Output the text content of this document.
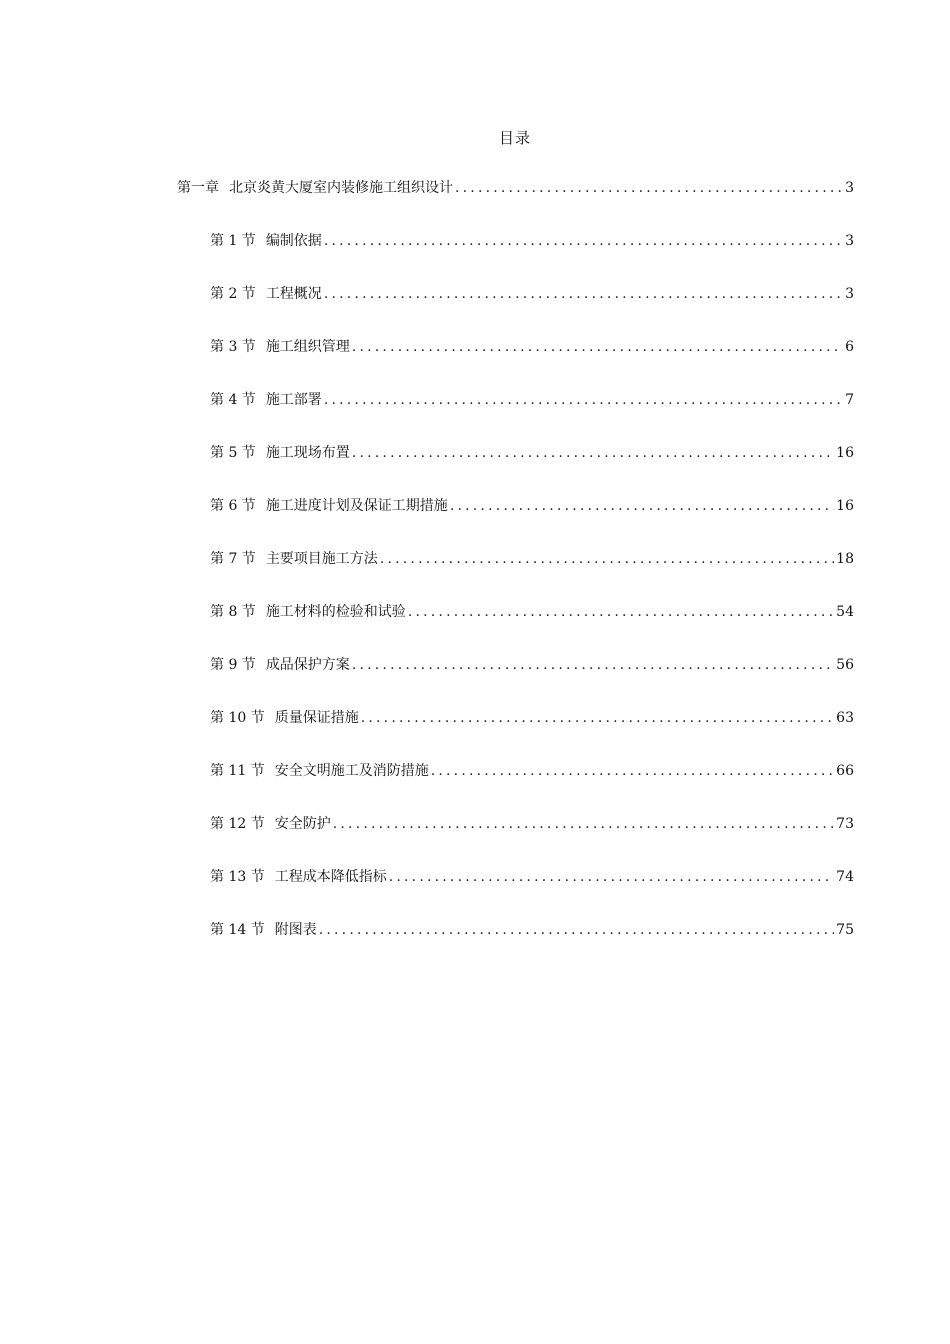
目录
第一章 北京炎黄大厦室内装修施工组织设计 .....	3
第 1 节 编制依据 .....	3
第 2 节 工程概况 .....	3
第 3 节 施工组织管理 .....	6
第 4 节 施工部署 .....	7
第 5 节 施工现场布置 .....	16
第 6 节 施工进度计划及保证工期措施 .....	16
第 7 节 主要项目施工方法 .....	18
第 8 节 施工材料的检验和试验 .....	54
第 9 节 成品保护方案 .....	56
第 10 节 质量保证措施 .....	63
第 11 节 安全文明施工及消防措施 .....	66
第 12 节 安全防护 .....	73
第 13 节 工程成本降低指标 .....	74
第 14 节 附图表 .....	75
